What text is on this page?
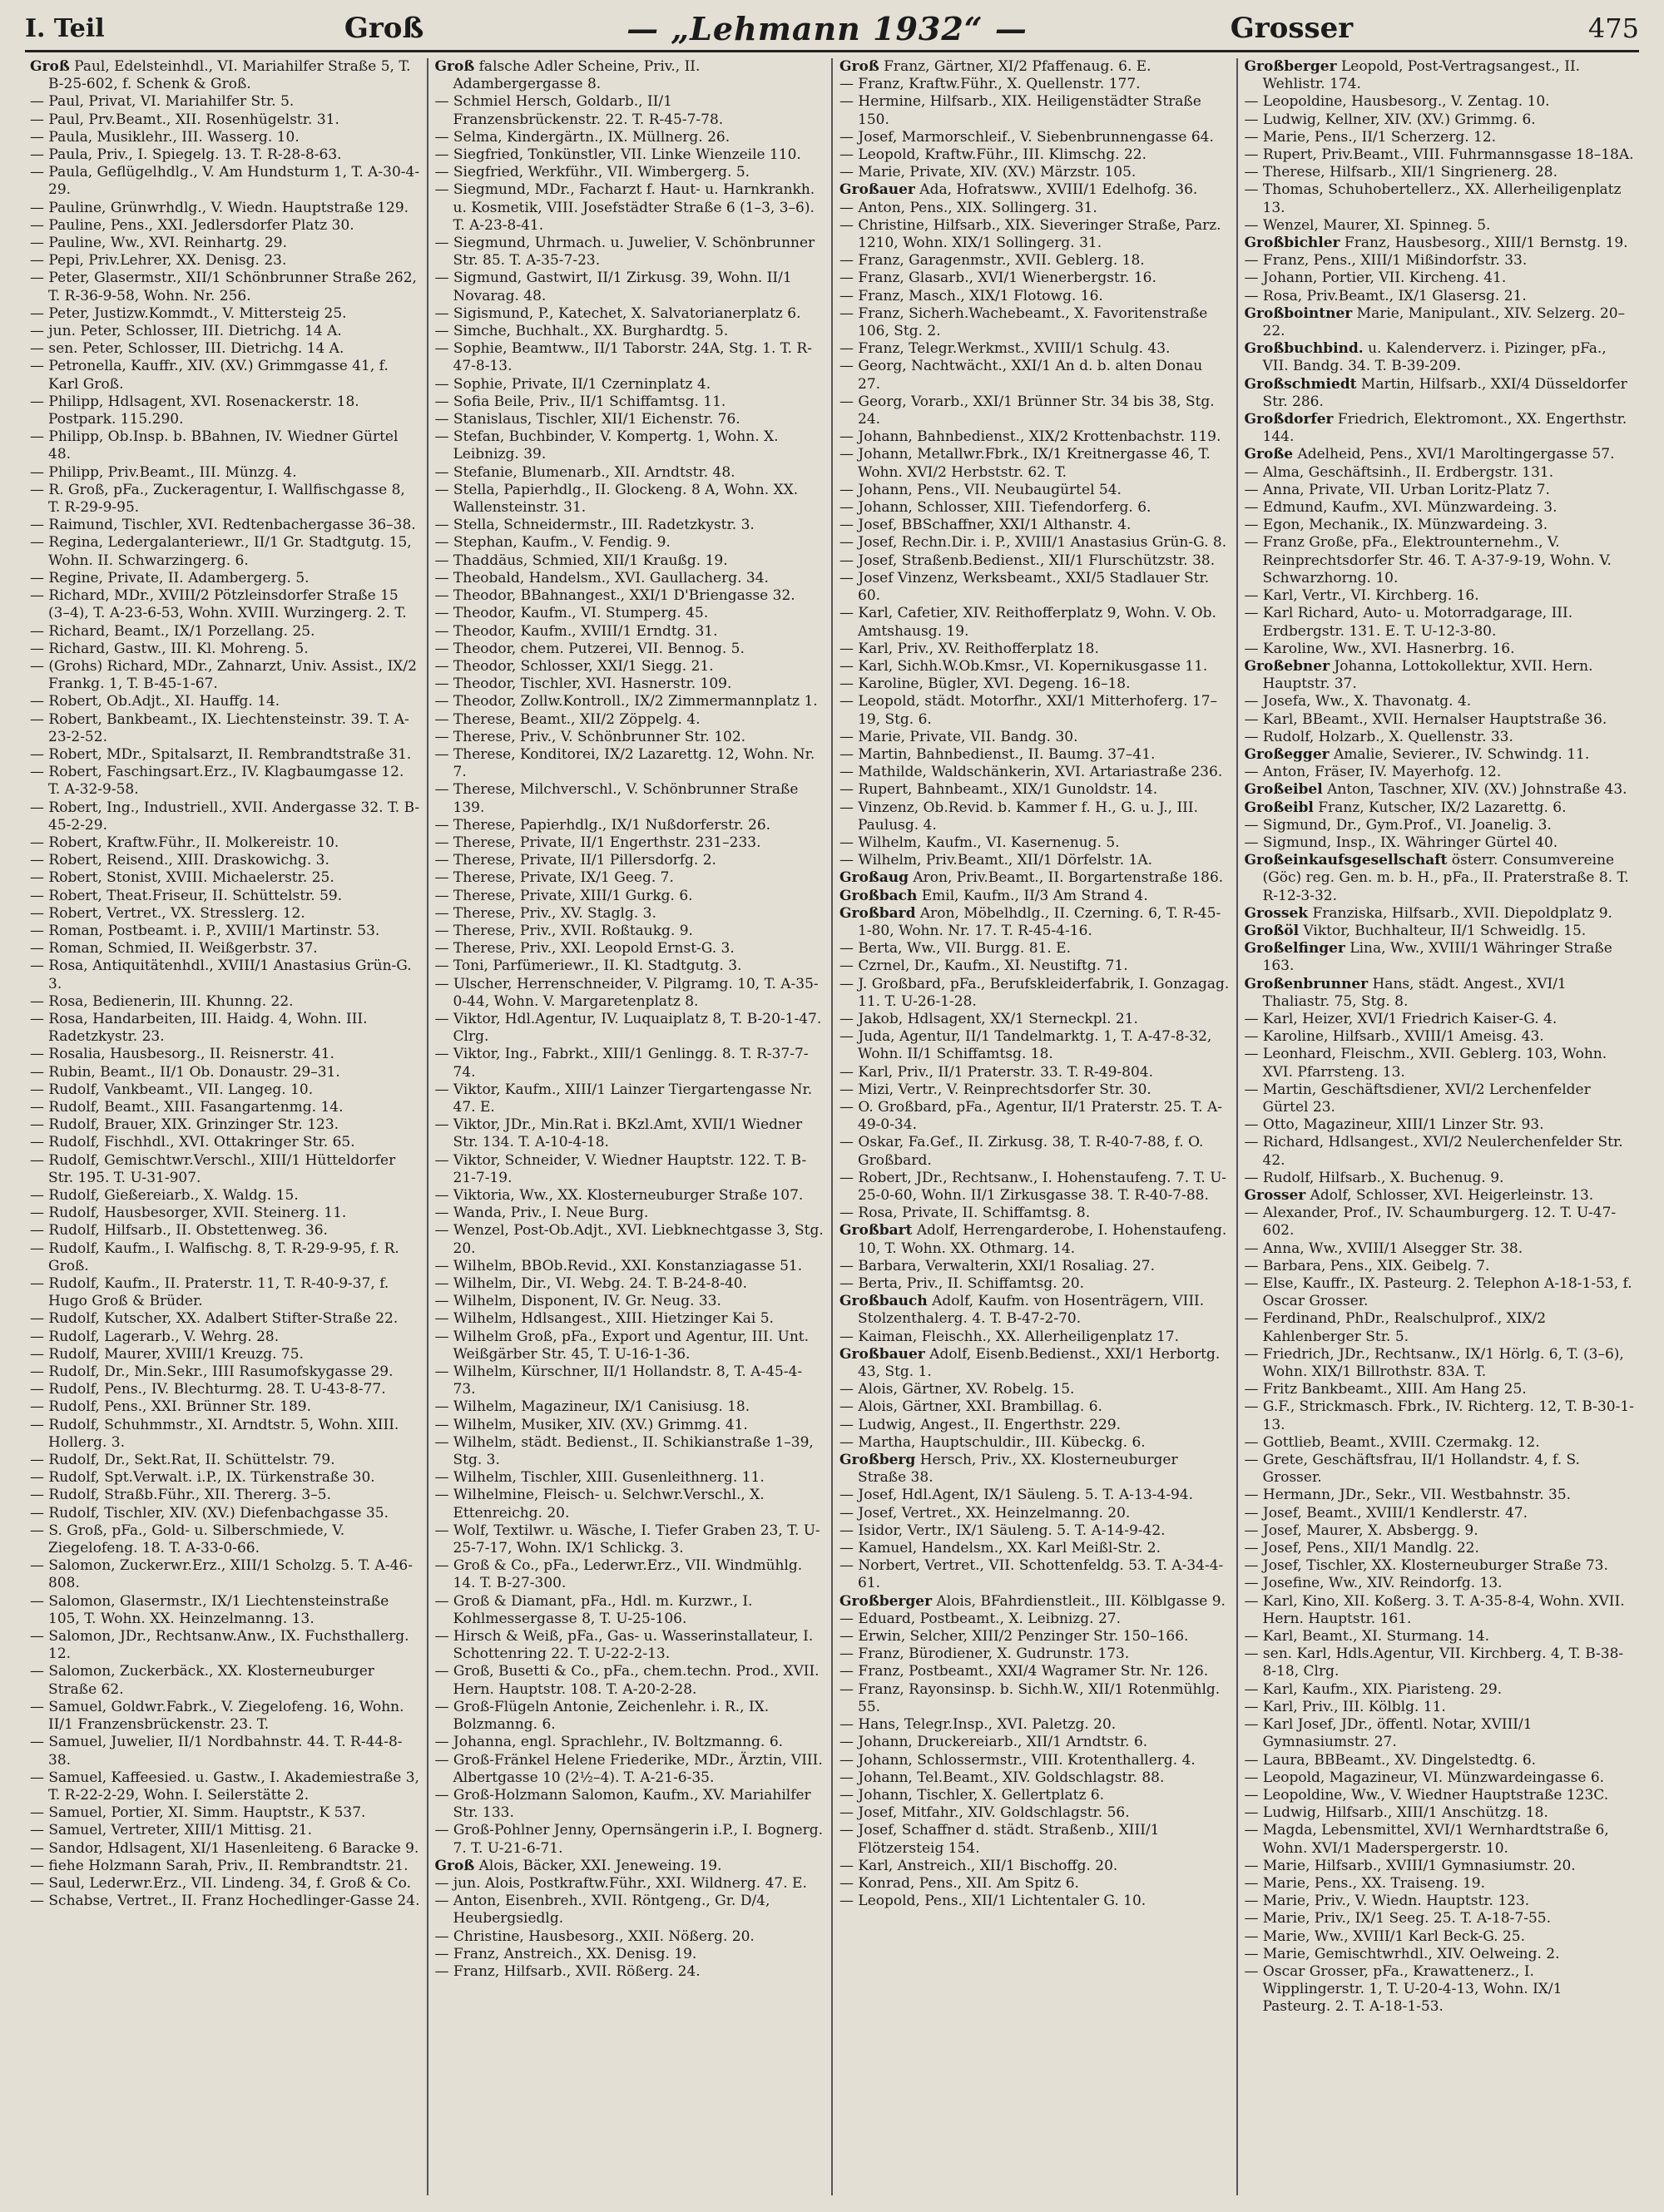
I. Teil	Groß	— „Lehmann 1932“ —	Grosser	475

Groß Paul, Edelsteinhdl., VI. Mariahilfer Straße 5, T. B-25-602, f. Schenk & Groß.

— Paul, Privat, VI. Mariahilfer Str. 5.

— Paul, Prv.Beamt., XII. Rosenhügelstr. 31.

— Paula, Musiklehr., III. Wasserg. 10.

— Paula, Priv., I. Spiegelg. 13. T. R-28-8-63.

— Paula, Geflügelhdlg., V. Am Hundsturm 1, T. A-30-4-29.

— Pauline, Grünwrhdlg., V. Wiedn. Hauptstraße 129.

— Pauline, Pens., XXI. Jedlersdorfer Platz 30.

— Pauline, Ww., XVI. Reinhartg. 29.

— Pepi, Priv.Lehrer, XX. Denisg. 23.

— Peter, Glasermstr., XII/1 Schönbrunner Straße 262, T. R-36-9-58, Wohn. Nr. 256.

— Peter, Justizw.Kommdt., V. Mittersteig 25.

— jun. Peter, Schlosser, III. Dietrichg. 14 A.

— sen. Peter, Schlosser, III. Dietrichg. 14 A.

— Petronella, Kauffr., XIV. (XV.) Grimmgasse 41, f. Karl Groß.

— Philipp, Hdlsagent, XVI. Rosenackerstr. 18. Postpark. 115.290.

— Philipp, Ob.Insp. b. BBahnen, IV. Wiedner Gürtel 48.

— Philipp, Priv.Beamt., III. Münzg. 4.

— R. Groß, pFa., Zuckeragentur, I. Wallfischgasse 8, T. R-29-9-95.

— Raimund, Tischler, XVI. Redtenbachergasse 36–38.

— Regina, Ledergalanteriewr., II/1 Gr. Stadtgutg. 15, Wohn. II. Schwarzingerg. 6.

— Regine, Private, II. Adambergerg. 5.

— Richard, MDr., XVIII/2 Pötzleinsdorfer Straße 15 (3–4), T. A-23-6-53, Wohn. XVIII. Wurzingerg. 2. T.

— Richard, Beamt., IX/1 Porzellang. 25.

— Richard, Gastw., III. Kl. Mohreng. 5.

— (Grohs) Richard, MDr., Zahnarzt, Univ. Assist., IX/2 Frankg. 1, T. B-45-1-67.

— Robert, Ob.Adjt., XI. Hauffg. 14.

— Robert, Bankbeamt., IX. Liechtensteinstr. 39. T. A-23-2-52.

— Robert, MDr., Spitalsarzt, II. Rembrandtstraße 31.

— Robert, Faschingsart.Erz., IV. Klagbaumgasse 12. T. A-32-9-58.

— Robert, Ing., Industriell., XVII. Andergasse 32. T. B-45-2-29.

— Robert, Kraftw.Führ., II. Molkereistr. 10.

— Robert, Reisend., XIII. Draskowichg. 3.

— Robert, Stonist, XVIII. Michaelerstr. 25.

— Robert, Theat.Friseur, II. Schüttelstr. 59.

— Robert, Vertret., VX. Stresslerg. 12.

— Roman, Postbeamt. i. P., XVIII/1 Martinstr. 53.

— Roman, Schmied, II. Weißgerbstr. 37.

— Rosa, Antiquitätenhdl., XVIII/1 Anastasius Grün-G. 3.

— Rosa, Bedienerin, III. Khunng. 22.

— Rosa, Handarbeiten, III. Haidg. 4, Wohn. III. Radetzkystr. 23.

— Rosalia, Hausbesorg., II. Reisnerstr. 41.

— Rubin, Beamt., II/1 Ob. Donaustr. 29–31.

— Rudolf, Vankbeamt., VII. Langeg. 10.

— Rudolf, Beamt., XIII. Fasangartenmg. 14.

— Rudolf, Brauer, XIX. Grinzinger Str. 123.

— Rudolf, Fischhdl., XVI. Ottakringer Str. 65.

— Rudolf, Gemischtwr.Verschl., XIII/1 Hütteldorfer Str. 195. T. U-31-907.

— Rudolf, Gießereiarb., X. Waldg. 15.

— Rudolf, Hausbesorger, XVII. Steinerg. 11.

— Rudolf, Hilfsarb., II. Obstettenweg. 36.

— Rudolf, Kaufm., I. Walfischg. 8, T. R-29-9-95, f. R. Groß.

— Rudolf, Kaufm., II. Praterstr. 11, T. R-40-9-37, f. Hugo Groß & Brüder.

— Rudolf, Kutscher, XX. Adalbert Stifter-Straße 22.

— Rudolf, Lagerarb., V. Wehrg. 28.

— Rudolf, Maurer, XVIII/1 Kreuzg. 75.

— Rudolf, Dr., Min.Sekr., IIII Rasumofskygasse 29.

— Rudolf, Pens., IV. Blechturmg. 28. T. U-43-8-77.

— Rudolf, Pens., XXI. Brünner Str. 189.

— Rudolf, Schuhmmstr., XI. Arndtstr. 5, Wohn. XIII. Hollerg. 3.

— Rudolf, Dr., Sekt.Rat, II. Schüttelstr. 79.

— Rudolf, Spt.Verwalt. i.P., IX. Türkenstraße 30.

— Rudolf, Straßb.Führ., XII. Thererg. 3–5.

— Rudolf, Tischler, XIV. (XV.) Diefenbachgasse 35.

— S. Groß, pFa., Gold- u. Silberschmiede, V. Ziegelofeng. 18. T. A-33-0-66.

— Salomon, Zuckerwr.Erz., XIII/1 Scholzg. 5. T. A-46-808.

— Salomon, Glasermstr., IX/1 Liechtensteinstraße 105, T. Wohn. XX. Heinzelmanng. 13.

— Salomon, JDr., Rechtsanw.Anw., IX. Fuchsthallerg. 12.

— Salomon, Zuckerbäck., XX. Klosterneuburger Straße 62.

— Samuel, Goldwr.Fabrk., V. Ziegelofeng. 16, Wohn. II/1 Franzensbrückenstr. 23. T.

— Samuel, Juwelier, II/1 Nordbahnstr. 44. T. R-44-8-38.

— Samuel, Kaffeesied. u. Gastw., I. Akademiestraße 3, T. R-22-2-29, Wohn. I. Seilerstätte 2.

— Samuel, Portier, XI. Simm. Hauptstr., K 537.

— Samuel, Vertreter, XIII/1 Mittisg. 21.

— Sandor, Hdlsagent, XI/1 Hasenleiteng. 6 Baracke 9.

— fiehe Holzmann Sarah, Priv., II. Rembrandtstr. 21.

— Saul, Lederwr.Erz., VII. Lindeng. 34, f. Groß & Co.

— Schabse, Vertret., II. Franz Hochedlinger-Gasse 24.

Groß falsche Adler Scheine, Priv., II. Adambergergasse 8.

— Schmiel Hersch, Goldarb., II/1 Franzensbrückenstr. 22. T. R-45-7-78.

— Selma, Kindergärtn., IX. Müllnerg. 26.

— Siegfried, Tonkünstler, VII. Linke Wienzeile 110.

— Siegfried, Werkführ., VII. Wimbergerg. 5.

— Siegmund, MDr., Facharzt f. Haut- u. Harnkrankh. u. Kosmetik, VIII. Josefstädter Straße 6 (1–3, 3–6). T. A-23-8-41.

— Siegmund, Uhrmach. u. Juwelier, V. Schönbrunner Str. 85. T. A-35-7-23.

— Sigmund, Gastwirt, II/1 Zirkusg. 39, Wohn. II/1 Novarag. 48.

— Sigismund, P., Katechet, X. Salvatorianerplatz 6.

— Simche, Buchhalt., XX. Burghardtg. 5.

— Sophie, Beamtww., II/1 Taborstr. 24A, Stg. 1. T. R-47-8-13.

— Sophie, Private, II/1 Czerninplatz 4.

— Sofia Beile, Priv., II/1 Schiffamtsg. 11.

— Stanislaus, Tischler, XII/1 Eichenstr. 76.

— Stefan, Buchbinder, V. Kompertg. 1, Wohn. X. Leibnizg. 39.

— Stefanie, Blumenarb., XII. Arndtstr. 48.

— Stella, Papierhdlg., II. Glockeng. 8 A, Wohn. XX. Wallensteinstr. 31.

— Stella, Schneidermstr., III. Radetzkystr. 3.

— Stephan, Kaufm., V. Fendig. 9.

— Thaddäus, Schmied, XII/1 Kraußg. 19.

— Theobald, Handelsm., XVI. Gaullacherg. 34.

— Theodor, BBahnangest., XXI/1 D'Briengasse 32.

— Theodor, Kaufm., VI. Stumperg. 45.

— Theodor, Kaufm., XVIII/1 Erndtg. 31.

— Theodor, chem. Putzerei, VII. Bennog. 5.

— Theodor, Schlosser, XXI/1 Siegg. 21.

— Theodor, Tischler, XVI. Hasnerstr. 109.

— Theodor, Zollw.Kontroll., IX/2 Zimmermannplatz 1.

— Therese, Beamt., XII/2 Zöppelg. 4.

— Therese, Priv., V. Schönbrunner Str. 102.

— Therese, Konditorei, IX/2 Lazarettg. 12, Wohn. Nr. 7.

— Therese, Milchverschl., V. Schönbrunner Straße 139.

— Therese, Papierhdlg., IX/1 Nußdorferstr. 26.

— Therese, Private, II/1 Engerthstr. 231–233.

— Therese, Private, II/1 Pillersdorfg. 2.

— Therese, Private, IX/1 Geeg. 7.

— Therese, Private, XIII/1 Gurkg. 6.

— Therese, Priv., XV. Staglg. 3.

— Therese, Priv., XVII. Roßtaukg. 9.

— Therese, Priv., XXI. Leopold Ernst-G. 3.

— Toni, Parfümeriewr., II. Kl. Stadtgutg. 3.

— Ulscher, Herrenschneider, V. Pilgramg. 10, T. A-35-0-44, Wohn. V. Margaretenplatz 8.

— Viktor, Hdl.Agentur, IV. Luquaiplatz 8, T. B-20-1-47. Clrg.

— Viktor, Ing., Fabrkt., XIII/1 Genlingg. 8. T. R-37-7-74.

— Viktor, Kaufm., XIII/1 Lainzer Tiergartengasse Nr. 47. E.

— Viktor, JDr., Min.Rat i. BKzl.Amt, XVII/1 Wiedner Str. 134. T. A-10-4-18.

— Viktor, Schneider, V. Wiedner Hauptstr. 122. T. B-21-7-19.

— Viktoria, Ww., XX. Klosterneuburger Straße 107.

— Wanda, Priv., I. Neue Burg.

— Wenzel, Post-Ob.Adjt., XVI. Liebknechtgasse 3, Stg. 20.

— Wilhelm, BBOb.Revid., XXI. Konstanziagasse 51.

— Wilhelm, Dir., VI. Webg. 24. T. B-24-8-40.

— Wilhelm, Disponent, IV. Gr. Neug. 33.

— Wilhelm, Hdlsangest., XIII. Hietzinger Kai 5.

— Wilhelm Groß, pFa., Export und Agentur, III. Unt. Weißgärber Str. 45, T. U-16-1-36.

— Wilhelm, Kürschner, II/1 Hollandstr. 8, T. A-45-4-73.

— Wilhelm, Magazineur, IX/1 Canisiusg. 18.

— Wilhelm, Musiker, XIV. (XV.) Grimmg. 41.

— Wilhelm, städt. Bedienst., II. Schikianstraße 1–39, Stg. 3.

— Wilhelm, Tischler, XIII. Gusenleithnerg. 11.

— Wilhelmine, Fleisch- u. Selchwr.Verschl., X. Ettenreichg. 20.

— Wolf, Textilwr. u. Wäsche, I. Tiefer Graben 23, T. U-25-7-17, Wohn. IX/1 Schlickg. 3.

— Groß & Co., pFa., Lederwr.Erz., VII. Windmühlg. 14. T. B-27-300.

— Groß & Diamant, pFa., Hdl. m. Kurzwr., I. Kohlmessergasse 8, T. U-25-106.

— Hirsch & Weiß, pFa., Gas- u. Wasserinstallateur, I. Schottenring 22. T. U-22-2-13.

— Groß, Busetti & Co., pFa., chem.techn. Prod., XVII. Hern. Hauptstr. 108. T. A-20-2-28.

— Groß-Flügeln Antonie, Zeichenlehr. i. R., IX. Bolzmanng. 6.

— Johanna, engl. Sprachlehr., IV. Boltzmanng. 6.

— Groß-Fränkel Helene Friederike, MDr., Ärztin, VIII. Albertgasse 10 (2½–4). T. A-21-6-35.

— Groß-Holzmann Salomon, Kaufm., XV. Mariahilfer Str. 133.

— Groß-Pohlner Jenny, Opernsängerin i.P., I. Bognerg. 7. T. U-21-6-71.

Groß Alois, Bäcker, XXI. Jeneweing. 19.

— jun. Alois, Postkraftw.Führ., XXI. Wildnerg. 47. E.

— Anton, Eisenbreh., XVII. Röntgeng., Gr. D/4, Heubergsiedlg.

— Christine, Hausbesorg., XXII. Nößerg. 20.

— Franz, Anstreich., XX. Denisg. 19.

— Franz, Hilfsarb., XVII. Rößerg. 24.

Groß Franz, Gärtner, XI/2 Pfaffenaug. 6. E.

— Franz, Kraftw.Führ., X. Quellenstr. 177.

— Hermine, Hilfsarb., XIX. Heiligenstädter Straße 150.

— Josef, Marmorschleif., V. Siebenbrunnengasse 64.

— Leopold, Kraftw.Führ., III. Klimschg. 22.

— Marie, Private, XIV. (XV.) Märzstr. 105.

Großauer Ada, Hofratsww., XVIII/1 Edelhofg. 36.

— Anton, Pens., XIX. Sollingerg. 31.

— Christine, Hilfsarb., XIX. Sieveringer Straße, Parz. 1210, Wohn. XIX/1 Sollingerg. 31.

— Franz, Garagenmstr., XVII. Geblerg. 18.

— Franz, Glasarb., XVI/1 Wienerbergstr. 16.

— Franz, Masch., XIX/1 Flotowg. 16.

— Franz, Sicherh.Wachebeamt., X. Favoritenstraße 106, Stg. 2.

— Franz, Telegr.Werkmst., XVIII/1 Schulg. 43.

— Georg, Nachtwächt., XXI/1 An d. b. alten Donau 27.

— Georg, Vorarb., XXI/1 Brünner Str. 34 bis 38, Stg. 24.

— Johann, Bahnbedienst., XIX/2 Krottenbachstr. 119.

— Johann, Metallwr.Fbrk., IX/1 Kreitnergasse 46, T. Wohn. XVI/2 Herbststr. 62. T.

— Johann, Pens., VII. Neubaugürtel 54.

— Johann, Schlosser, XIII. Tiefendorferg. 6.

— Josef, BBSchaffner, XXI/1 Althanstr. 4.

— Josef, Rechn.Dir. i. P., XVIII/1 Anastasius Grün-G. 8.

— Josef, Straßenb.Bedienst., XII/1 Flurschützstr. 38.

— Josef Vinzenz, Werksbeamt., XXI/5 Stadlauer Str. 60.

— Karl, Cafetier, XIV. Reithofferplatz 9, Wohn. V. Ob. Amtshausg. 19.

— Karl, Priv., XV. Reithofferplatz 18.

— Karl, Sichh.W.Ob.Kmsr., VI. Kopernikusgasse 11.

— Karoline, Bügler, XVI. Degeng. 16–18.

— Leopold, städt. Motorfhr., XXI/1 Mitterhoferg. 17–19, Stg. 6.

— Marie, Private, VII. Bandg. 30.

— Martin, Bahnbedienst., II. Baumg. 37–41.

— Mathilde, Waldschänkerin, XVI. Artariastraße 236.

— Rupert, Bahnbeamt., XIX/1 Gunoldstr. 14.

— Vinzenz, Ob.Revid. b. Kammer f. H., G. u. J., III. Paulusg. 4.

— Wilhelm, Kaufm., VI. Kasernenug. 5.

— Wilhelm, Priv.Beamt., XII/1 Dörfelstr. 1A.

Großaug Aron, Priv.Beamt., II. Borgartenstraße 186.

Großbach Emil, Kaufm., II/3 Am Strand 4.

Großbard Aron, Möbelhdlg., II. Czerning. 6, T. R-45-1-80, Wohn. Nr. 17. T. R-45-4-16.

— Berta, Ww., VII. Burgg. 81. E.

— Czrnel, Dr., Kaufm., XI. Neustiftg. 71.

— J. Großbard, pFa., Berufskleiderfabrik, I. Gonzagag. 11. T. U-26-1-28.

— Jakob, Hdlsagent, XX/1 Sterneckpl. 21.

— Juda, Agentur, II/1 Tandelmarktg. 1, T. A-47-8-32, Wohn. II/1 Schiffamtsg. 18.

— Karl, Priv., II/1 Praterstr. 33. T. R-49-804.

— Mizi, Vertr., V. Reinprechtsdorfer Str. 30.

— O. Großbard, pFa., Agentur, II/1 Praterstr. 25. T. A-49-0-34.

— Oskar, Fa.Gef., II. Zirkusg. 38, T. R-40-7-88, f. O. Großbard.

— Robert, JDr., Rechtsanw., I. Hohenstaufeng. 7. T. U-25-0-60, Wohn. II/1 Zirkusgasse 38. T. R-40-7-88.

— Rosa, Private, II. Schiffamtsg. 8.

Großbart Adolf, Herrengarderobe, I. Hohenstaufeng. 10, T. Wohn. XX. Othmarg. 14.

— Barbara, Verwalterin, XXI/1 Rosaliag. 27.

— Berta, Priv., II. Schiffamtsg. 20.

Großbauch Adolf, Kaufm. von Hosenträgern, VIII. Stolzenthalerg. 4. T. B-47-2-70.

— Kaiman, Fleischh., XX. Allerheiligenplatz 17.

Großbauer Adolf, Eisenb.Bedienst., XXI/1 Herbortg. 43, Stg. 1.

— Alois, Gärtner, XV. Robelg. 15.

— Alois, Gärtner, XXI. Brambillag. 6.

— Ludwig, Angest., II. Engerthstr. 229.

— Martha, Hauptschuldir., III. Kübeckg. 6.

Großberg Hersch, Priv., XX. Klosterneuburger Straße 38.

— Josef, Hdl.Agent, IX/1 Säuleng. 5. T. A-13-4-94.

— Josef, Vertret., XX. Heinzelmanng. 20.

— Isidor, Vertr., IX/1 Säuleng. 5. T. A-14-9-42.

— Kamuel, Handelsm., XX. Karl Meißl-Str. 2.

— Norbert, Vertret., VII. Schottenfeldg. 53. T. A-34-4-61.

Großberger Alois, BFahrdienstleit., III. Kölblgasse 9.

— Eduard, Postbeamt., X. Leibnizg. 27.

— Erwin, Selcher, XIII/2 Penzinger Str. 150–166.

— Franz, Bürodiener, X. Gudrunstr. 173.

— Franz, Postbeamt., XXI/4 Wagramer Str. Nr. 126.

— Franz, Rayonsinsp. b. Sichh.W., XII/1 Rotenmühlg. 55.

— Hans, Telegr.Insp., XVI. Paletzg. 20.

— Johann, Druckereiarb., XII/1 Arndtstr. 6.

— Johann, Schlossermstr., VIII. Krotenthallerg. 4.

— Johann, Tel.Beamt., XIV. Goldschlagstr. 88.

— Johann, Tischler, X. Gellertplatz 6.

— Josef, Mitfahr., XIV. Goldschlagstr. 56.

— Josef, Schaffner d. städt. Straßenb., XIII/1 Flötzersteig 154.

— Karl, Anstreich., XII/1 Bischoffg. 20.

— Konrad, Pens., XII. Am Spitz 6.

— Leopold, Pens., XII/1 Lichtentaler G. 10.

Großberger Leopold, Post-Vertragsangest., II. Wehlistr. 174.

— Leopoldine, Hausbesorg., V. Zentag. 10.

— Ludwig, Kellner, XIV. (XV.) Grimmg. 6.

— Marie, Pens., II/1 Scherzerg. 12.

— Rupert, Priv.Beamt., VIII. Fuhrmannsgasse 18–18A.

— Therese, Hilfsarb., XII/1 Singrienerg. 28.

— Thomas, Schuhobertellerz., XX. Allerheiligenplatz 13.

— Wenzel, Maurer, XI. Spinneg. 5.

Großbichler Franz, Hausbesorg., XIII/1 Bernstg. 19.

— Franz, Pens., XIII/1 Mißindorfstr. 33.

— Johann, Portier, VII. Kircheng. 41.

— Rosa, Priv.Beamt., IX/1 Glasersg. 21.

Großbointner Marie, Manipulant., XIV. Selzerg. 20–22.

Großbuchbind. u. Kalenderverz. i. Pizinger, pFa., VII. Bandg. 34. T. B-39-209.

Großschmiedt Martin, Hilfsarb., XXI/4 Düsseldorfer Str. 286.

Großdorfer Friedrich, Elektromont., XX. Engerthstr. 144.

Große Adelheid, Pens., XVI/1 Maroltingergasse 57.

— Alma, Geschäftsinh., II. Erdbergstr. 131.

— Anna, Private, VII. Urban Loritz-Platz 7.

— Edmund, Kaufm., XVI. Münzwardeing. 3.

— Egon, Mechanik., IX. Münzwardeing. 3.

— Franz Große, pFa., Elektrounternehm., V. Reinprechtsdorfer Str. 46. T. A-37-9-19, Wohn. V. Schwarzhorng. 10.

— Karl, Vertr., VI. Kirchberg. 16.

— Karl Richard, Auto- u. Motorradgarage, III. Erdbergstr. 131. E. T. U-12-3-80.

— Karoline, Ww., XVI. Hasnerbrg. 16.

Großebner Johanna, Lottokollektur, XVII. Hern. Hauptstr. 37.

— Josefa, Ww., X. Thavonatg. 4.

— Karl, BBeamt., XVII. Hernalser Hauptstraße 36.

— Rudolf, Holzarb., X. Quellenstr. 33.

Großegger Amalie, Sevierer., IV. Schwindg. 11.

— Anton, Fräser, IV. Mayerhofg. 12.

Großeibel Anton, Taschner, XIV. (XV.) Johnstraße 43.

Großeibl Franz, Kutscher, IX/2 Lazarettg. 6.

— Sigmund, Dr., Gym.Prof., VI. Joanelig. 3.

— Sigmund, Insp., IX. Währinger Gürtel 40.

Großeinkaufsgesellschaft österr. Consumvereine (Göc) reg. Gen. m. b. H., pFa., II. Praterstraße 8. T. R-12-3-32.

Grossek Franziska, Hilfsarb., XVII. Diepoldplatz 9.

Großöl Viktor, Buchhalteur, II/1 Schweidlg. 15.

Großelfinger Lina, Ww., XVIII/1 Währinger Straße 163.

Großenbrunner Hans, städt. Angest., XVI/1 Thaliastr. 75, Stg. 8.

— Karl, Heizer, XVI/1 Friedrich Kaiser-G. 4.

— Karoline, Hilfsarb., XVIII/1 Ameisg. 43.

— Leonhard, Fleischm., XVII. Geblerg. 103, Wohn. XVI. Pfarrsteng. 13.

— Martin, Geschäftsdiener, XVI/2 Lerchenfelder Gürtel 23.

— Otto, Magazineur, XIII/1 Linzer Str. 93.

— Richard, Hdlsangest., XVI/2 Neulerchenfelder Str. 42.

— Rudolf, Hilfsarb., X. Buchenug. 9.

Grosser Adolf, Schlosser, XVI. Heigerleinstr. 13.

— Alexander, Prof., IV. Schaumburgerg. 12. T. U-47-602.

— Anna, Ww., XVIII/1 Alsegger Str. 38.

— Barbara, Pens., XIX. Geibelg. 7.

— Else, Kauffr., IX. Pasteurg. 2. Telephon A-18-1-53, f. Oscar Grosser.

— Ferdinand, PhDr., Realschulprof., XIX/2 Kahlenberger Str. 5.

— Friedrich, JDr., Rechtsanw., IX/1 Hörlg. 6, T. (3–6), Wohn. XIX/1 Billrothstr. 83A. T.

— Fritz Bankbeamt., XIII. Am Hang 25.

— G.F., Strickmasch. Fbrk., IV. Richterg. 12, T. B-30-1-13.

— Gottlieb, Beamt., XVIII. Czermakg. 12.

— Grete, Geschäftsfrau, II/1 Hollandstr. 4, f. S. Grosser.

— Hermann, JDr., Sekr., VII. Westbahnstr. 35.

— Josef, Beamt., XVIII/1 Kendlerstr. 47.

— Josef, Maurer, X. Absbergg. 9.

— Josef, Pens., XII/1 Mandlg. 22.

— Josef, Tischler, XX. Klosterneuburger Straße 73.

— Josefine, Ww., XIV. Reindorfg. 13.

— Karl, Kino, XII. Koßerg. 3. T. A-35-8-4, Wohn. XVII. Hern. Hauptstr. 161.

— Karl, Beamt., XI. Sturmang. 14.

— sen. Karl, Hdls.Agentur, VII. Kirchberg. 4, T. B-38-8-18, Clrg.

— Karl, Kaufm., XIX. Piaristeng. 29.

— Karl, Priv., III. Kölblg. 11.

— Karl Josef, JDr., öffentl. Notar, XVIII/1 Gymnasiumstr. 27.

— Laura, BBBeamt., XV. Dingelstedtg. 6.

— Leopold, Magazineur, VI. Münzwardeingasse 6.

— Leopoldine, Ww., V. Wiedner Hauptstraße 123C.

— Ludwig, Hilfsarb., XIII/1 Anschützg. 18.

— Magda, Lebensmittel, XVI/1 Wernhardtstraße 6, Wohn. XVI/1 Maderspergerstr. 10.

— Marie, Hilfsarb., XVIII/1 Gymnasiumstr. 20.

— Marie, Pens., XX. Traiseng. 19.

— Marie, Priv., V. Wiedn. Hauptstr. 123.

— Marie, Priv., IX/1 Seeg. 25. T. A-18-7-55.

— Marie, Ww., XVIII/1 Karl Beck-G. 25.

— Marie, Gemischtwrhdl., XIV. Oelweing. 2.

— Oscar Grosser, pFa., Krawattenerz., I. Wipplingerstr. 1, T. U-20-4-13, Wohn. IX/1 Pasteurg. 2. T. A-18-1-53.
